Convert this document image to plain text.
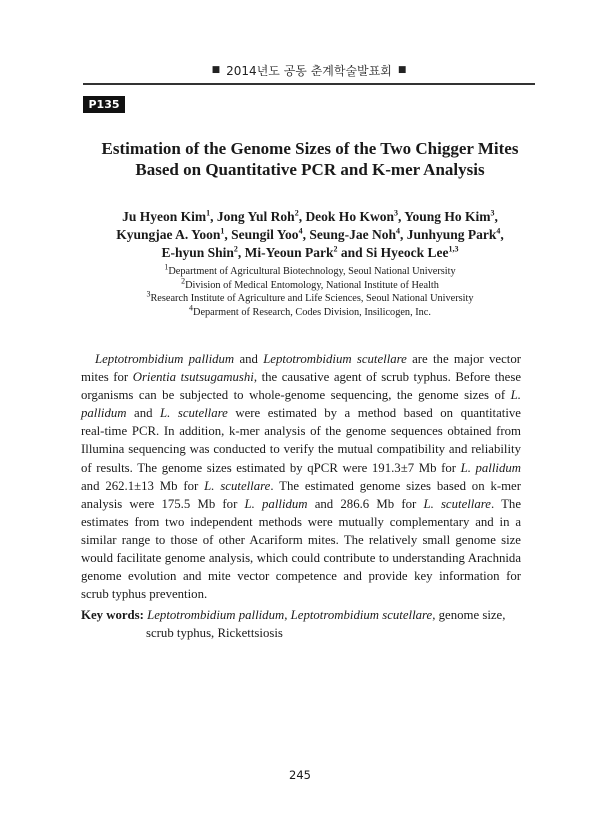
■ 2014년도 공동 춘계학술발표회 ■
P135
Estimation of the Genome Sizes of the Two Chigger Mites
Based on Quantitative PCR and K-mer Analysis
Ju Hyeon Kim$^1$, Jong Yul Roh$^2$, Deok Ho Kwon$^3$, Young Ho Kim$^3$,
Kyungjae A. Yoon$^1$, Seungil Yoo$^4$, Seung-Jae Noh$^4$, Junhyung Park$^4$,
E-hyun Shin$^2$, Mi-Yeoun Park$^2$ and Si Hyeock Lee$^{1,3}$
$^1$Department of Agricultural Biotechnology, Seoul National University
$^2$Division of Medical Entomology, National Institute of Health
$^3$Research Institute of Agriculture and Life Sciences, Seoul National University
$^4$Deparment of Research, Codes Division, Insilicogen, Inc.
Leptotrombidium pallidum and Leptotrombidium scutellare are the major vector
mites for Orientia tsutsugamushi, the causative agent of scrub typhus. Before these
organisms can be subjected to whole-genome sequencing, the genome sizes of L.
pallidum and L. scutellare were estimated by a method based on quantitative
real-time PCR. In addition, k-mer analysis of the genome sequences obtained from
Illumina sequencing was conducted to verify the mutual compatibility and reliability
of results. The genome sizes estimated by qPCR were 191.3±7 Mb for L. pallidum
and 262.1±13 Mb for L. scutellare. The estimated genome sizes based on k-mer
analysis were 175.5 Mb for L. pallidum and 286.6 Mb for L. scutellare. The
estimates from two independent methods were mutually complementary and in a
similar range to those of other Acariform mites. The relatively small genome size
would facilitate genome analysis, which could contribute to understanding Arachnida
genome evolution and mite vector competence and provide key information for
scrub typhus prevention.
Key words: Leptotrombidium pallidum, Leptotrombidium scutellare, genome size,
scrub typhus, Rickettsiosis
245
